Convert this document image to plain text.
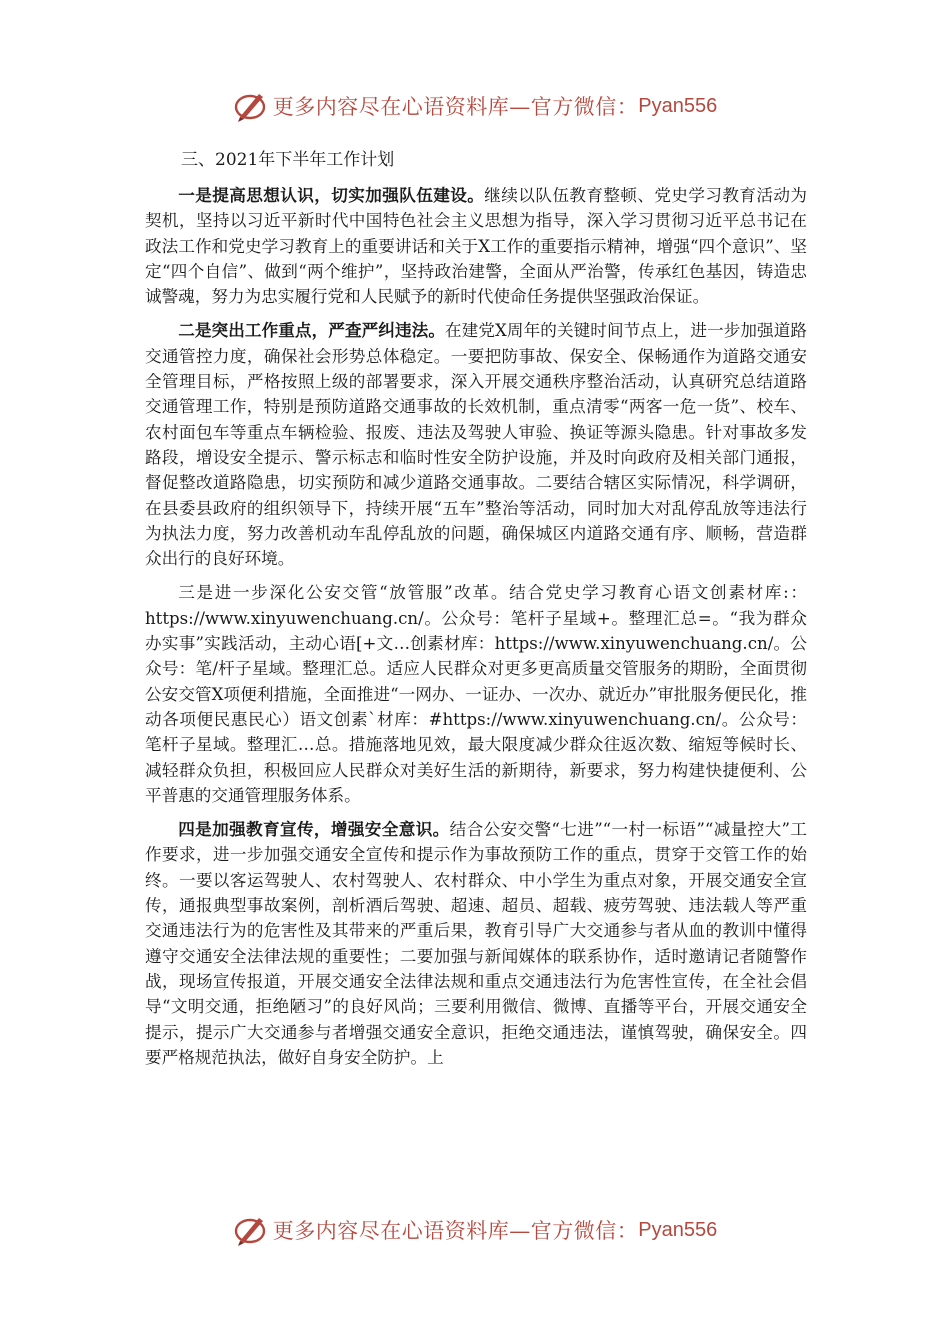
更多内容尽在心语资料库—官方微信： Pyan556
三、2021年下半年工作计划

一是提高思想认识，切实加强队伍建设。继续以队伍教育整顿、党史学习教育活动为契机，坚持以习近平新时代中国特色社会主义思想为指导，深入学习贯彻习近平总书记在政法工作和党史学习教育上的重要讲话和关于X工作的重要指示精神，增强“四个意识”、坚定“四个自信”、做到“两个维护”，坚持政治建警，全面从严治警，传承红色基因，铸造忠诚警魂，努力为忠实履行党和人民赋予的新时代使命任务提供坚强政治保证。

二是突出工作重点，严查严纠违法。在建党X周年的关键时间节点上，进一步加强道路交通管控力度，确保社会形势总体稳定。一要把防事故、保安全、保畅通作为道路交通安全管理目标，严格按照上级的部署要求，深入开展交通秩序整治活动，认真研究总结道路交通管理工作，特别是预防道路交通事故的长效机制，重点清零“两客一危一货”、校车、农村面包车等重点车辆检验、报废、违法及驾驶人审验、换证等源头隐患。针对事故多发路段，增设安全提示、警示标志和临时性安全防护设施，并及时向政府及相关部门通报，督促整改道路隐患，切实预防和减少道路交通事故。二要结合辖区实际情况，科学调研，在县委县政府的组织领导下，持续开展“五车”整治等活动，同时加大对乱停乱放等违法行为执法力度，努力改善机动车乱停乱放的问题，确保城区内道路交通有序、顺畅，营造群众出行的良好环境。

三是进一步深化公安交管“放管服”改革。结合党史学习教育心语文创素材库:：https://www.xinyuwenchuang.cn/。公众号：笔杆子星域+。整理汇总=。“我为群众办实事”实践活动，主动心语[+文…创素材库：https://www.xinyuwenchuang.cn/。公众号：笔/杆子星域。整理汇总。适应人民群众对更多更高质量交管服务的期盼，全面贯彻公安交管X项便利措施，全面推进“一网办、一证办、一次办、就近办”审批服务便民化，推动各项便民惠民心）语文创素`材库：#https://www.xinyuwenchuang.cn/。公众号：笔杆子星域。整理汇…总。措施落地见效，最大限度减少群众往返次数、缩短等候时长、减轻群众负担，积极回应人民群众对美好生活的新期待，新要求，努力构建快捷便利、公平普惠的交通管理服务体系。

四是加强教育宣传，增强安全意识。结合公安交警“七进”“一村一标语”“减量控大”工作要求，进一步加强交通安全宣传和提示作为事故预防工作的重点，贯穿于交管工作的始终。一要以客运驾驶人、农村驾驶人、农村群众、中小学生为重点对象，开展交通安全宣传，通报典型事故案例，剖析酒后驾驶、超速、超员、超载、疲劳驾驶、违法载人等严重交通违法行为的危害性及其带来的严重后果，教育引导广大交通参与者从血的教训中懂得遵守交通安全法律法规的重要性；二要加强与新闻媒体的联系协作，适时邀请记者随警作战，现场宣传报道，开展交通安全法律法规和重点交通违法行为危害性宣传，在全社会倡导“文明交通，拒绝陋习”的良好风尚；三要利用微信、微博、直播等平台，开展交通安全提示，提示广大交通参与者增强交通安全意识，拒绝交通违法，谨慎驾驶，确保安全。四要严格规范执法，做好自身安全防护。上

更多内容尽在心语资料库—官方微信： Pyan556
